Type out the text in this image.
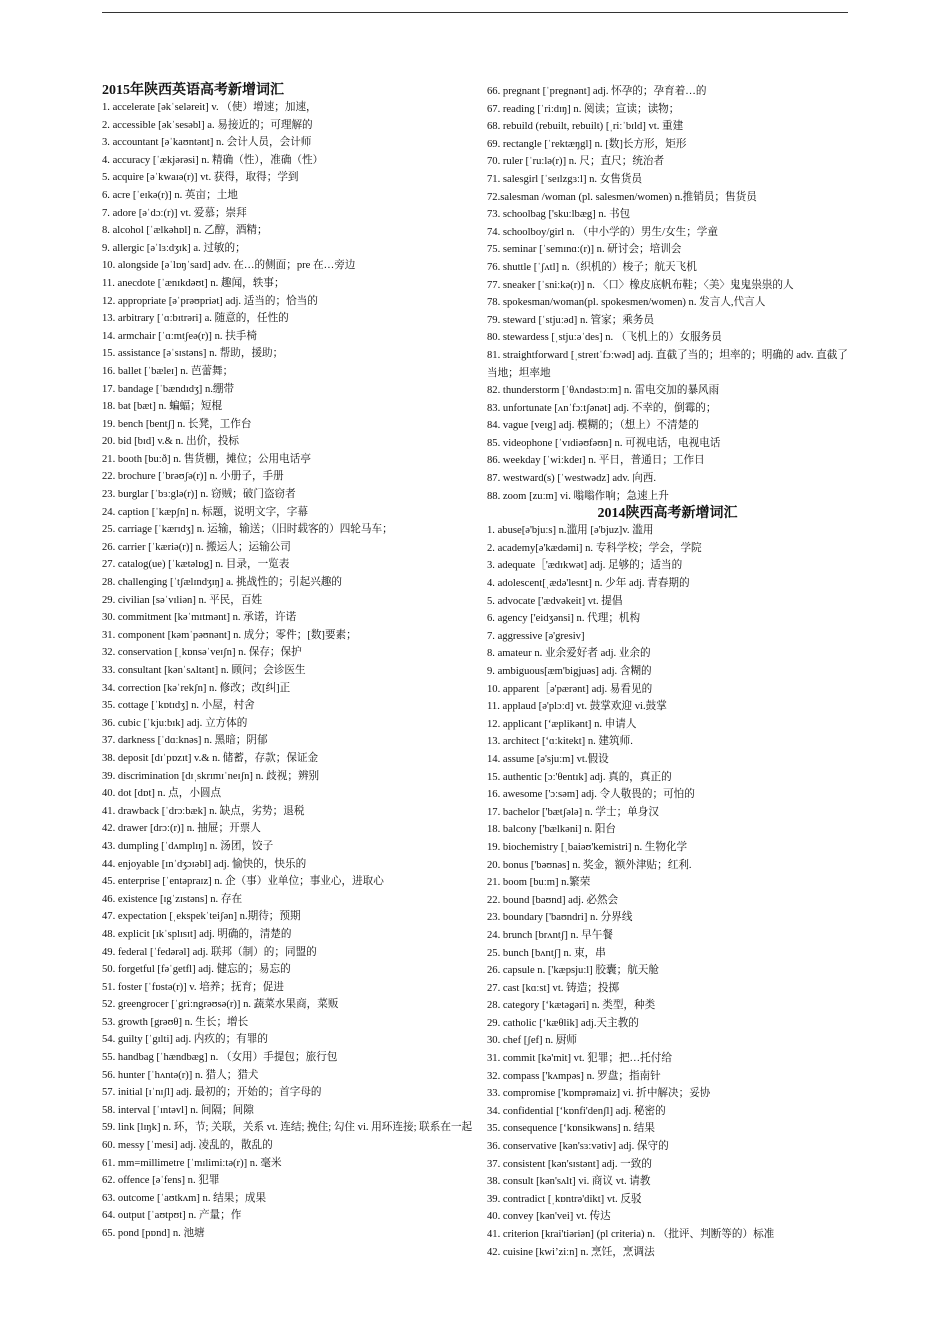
2015年陕西英语高考新增词汇
1. accelerate [əkˈseləreit] v. （使）增速；加速，
2. accessible [əkˈsesəbl] a. 易接近的；可理解的
3. accountant [əˈkaʊntənt] n. 会计人员，会计师
4. accuracy [ˈækjərəsi] n. 精确（性），准确（性）
5. acquire [əˈkwaɪə(r)] vt. 获得，取得；学到
6. acre [ˈeɪkə(r)] n. 英亩；土地
7. adore [əˈdɔː(r)] vt. 爱慕；崇拜
8. alcohol [ˈælkəhɒl] n. 乙醇，酒精；
9. allergic [əˈlɜːdʒɪk] a. 过敏的；
10. alongside [əˈlɒŋˈsaɪd] adv. 在…的侧面；pre 在…旁边
11. anecdote [ˈænɪkdəʊt] n. 趣闻，轶事；
12. appropriate [əˈprəʊpriət] adj. 适当的；恰当的
13. arbitrary [ˈɑːbɪtrəri] a. 随意的，任性的
14. armchair [ˈɑːmtʃeə(r)] n. 扶手椅
15. assistance [əˈsɪstəns] n. 帮助，援助；
16. ballet [ˈbæleɪ] n. 芭蕾舞；
17. bandage [ˈbændɪdʒ] n.绷带
18. bat [bæt] n. 蝙蝠；短棍
19. bench [bentʃ] n. 长凳，工作台
20. bid [bɪd] v.& n. 出价，投标
21. booth [buːð] n. 售货棚，摊位；公用电话亭
22. brochure [ˈbrəʊʃə(r)] n. 小册子，手册
23. burglar [ˈbɜːglə(r)] n. 窃贼；破门盗窃者
24. caption [ˈkæpʃn] n. 标题，说明文字，字幕
25. carriage [ˈkærɪdʒ] n. 运输，输送；（旧时载客的）四轮马车；
26. carrier [ˈkæriə(r)] n. 搬运人；运输公司
27. catalog(ue) [ˈkætəlɒg] n. 目录，一览表
28. challenging [ˈtʃælɪndʒɪŋ] a. 挑战性的；引起兴趣的
29. civilian [səˈvɪliən] n. 平民，百姓
30. commitment [kəˈmɪtmənt] n. 承诺，许诺
31. component [kəmˈpəʊnənt] n. 成分；零件；[数]要素；
32. conservation [ˌkɒnsəˈveɪʃn] n. 保存；保护
33. consultant [kənˈsʌltənt] n. 顾问；会诊医生
34. correction [kəˈrekʃn] n. 修改；改[纠]正
35. cottage [ˈkɒtɪdʒ] n. 小屋，村舍
36. cubic [ˈkjuːbɪk] adj. 立方体的
37. darkness [ˈdɑːknəs] n. 黑暗；阴郁
38. deposit [dɪˈpɒzɪt] v.& n. 储蓄，存款；保证金
39. discrimination [dɪˌskrɪmɪˈneɪʃn] n. 歧视；辨别
40. dot [dɒt] n. 点，小圆点
41. drawback [ˈdrɔːbæk] n. 缺点，劣势；退税
42. drawer [drɔː(r)] n. 抽屉；开票人
43. dumpling [ˈdʌmplɪŋ] n. 汤团，饺子
44. enjoyable [ɪnˈdʒɔɪəbl] adj. 愉快的，快乐的
45. enterprise [ˈentəpraɪz] n. 企（事）业单位；事业心，进取心
46. existence [ɪgˈzɪstəns] n. 存在
47. expectation [ˌekspekˈteiʃən] n.期待；预期
48. explicit [ɪkˈsplɪsɪt] adj. 明确的，清楚的
49. federal [ˈfedərəl] adj. 联邦（制）的；同盟的
50. forgetful [fəˈgetfl] adj. 健忘的；易忘的
51. foster [ˈfɒstə(r)] v. 培养；抚育；促进
52. greengrocer [ˈgriːngrəʊsə(r)] n. 蔬菜水果商，菜贩
53. growth [grəʊθ] n. 生长；增长
54. guilty [ˈgɪlti] adj. 内疚的；有罪的
55. handbag [ˈhændbæg] n. （女用）手提包；旅行包
56. hunter [ˈhʌntə(r)] n. 猎人；猎犬
57. initial [ɪˈnɪʃl] adj. 最初的；开始的；首字母的
58. interval [ˈɪntəvl] n. 间隔；间隙
59. link [lɪŋk] n. 环，节; 关联，关系 vt. 连结; 挽住; 勾住 vi. 用环连接; 联系在一起
60. messy [ˈmesi] adj. 凌乱的，散乱的
61. mm=millimetre [ˈmɪlimiːtə(r)] n. 毫米
62. offence [əˈfens] n. 犯罪
63. outcome [ˈaʊtkʌm] n. 结果；成果
64. output [ˈaʊtpʊt] n. 产量；作
65. pond [pɒnd] n. 池塘
66. pregnant [ˈpregnənt] adj. 怀孕的；孕育着…的
67. reading [ˈriːdɪŋ] n. 阅读；宣读；读物；
68. rebuild (rebuilt, rebuilt) [ˌriːˈbɪld] vt. 重建
69. rectangle [ˈrektæŋgl] n. [数]长方形，矩形
70. ruler [ˈruːlə(r)] n. 尺；直尺；统治者
71. salesgirl [ˈseɪlzgɜːl] n. 女售货员
72.salesman /woman (pl. salesmen/women) n.推销员；售货员
73. schoolbag ['skuːlbæg] n. 书包
74. schoolboy/girl n. （中小学的）男生/女生；学童
75. seminar [ˈsemɪnɑː(r)] n. 研讨会；培训会
76. shuttle [ˈʃʌtl] n.（织机的）梭子；航天飞机
77. sneaker [ˈsniːkə(r)] n. 〈口〉橡皮底帆布鞋；〈美〉鬼鬼祟祟的人
78. spokesman/woman(pl. spokesmen/women) n. 发言人,代言人
79. steward [ˈstjuːəd] n. 管家；乘务员
80. stewardess [ˌstjuːəˈdes] n. （飞机上的）女服务员
81. straightforward [ˌstreɪtˈfɔːwəd] adj. 直截了当的；坦率的；明确的 adv. 直截了当地；坦率地
82. thunderstorm [ˈθʌndəstɔːm] n. 雷电交加的暴风雨
83. unfortunate [ʌnˈfɔːtʃənət] adj. 不幸的，倒霉的；
84. vague [veɪg] adj. 模糊的；（想上）不清楚的
85. videophone [ˈvɪdiəʊfəʊn] n. 可视电话，电视电话
86. weekday [ˈwiːkdeɪ] n. 平日，普通日；工作日
87. westward(s) [ˈwestwədz] adv. 向西.
88. zoom [zuːm] vi. 嗡嗡作响；急速上升
2014陕西高考新增词汇
1. abuse[ə'bjuːs] n.滥用 [ə'bjuz]v. 滥用
2. academy[ə'kædəmi] n. 专科学校；学会，学院
3. adequate［'ædɪkwət] adj. 足够的；适当的
4. adolescent[ˌædə'lesnt] n. 少年 adj. 青春期的
5. advocate ['ædvəkeit] vt. 提倡
6. agency ['eidʒənsi] n. 代理；机构
7. aggressive [ə'gresiv]
8. amateur n. 业余爱好者 adj. 业余的
9. ambiguous[æm'bigjuəs] adj. 含糊的
10. apparent［ə'pærənt] adj. 易看见的
11. applaud [ə'plɔːd] vt. 鼓掌欢迎 vi.鼓掌
12. applicant [‘æplikənt] n. 申请人
13. architect [‘ɑːkitekt] n. 建筑师.
14. assume [ə'sjuːm] vt.假设
15. authentic [ɔː'θentɪk] adj. 真的，真正的
16. awesome ['ɔːsəm] adj. 令人敬畏的；可怕的
17. bachelor ['bætʃələ] n. 学士；单身汉
18. balcony ['bælkəni] n. 阳台
19. biochemistry [ˌbaiəʊ'kemistri] n. 生物化学
20. bonus ['bəʊnəs] n. 奖金，额外津贴；红利.
21. boom [buːm] n.繁荣
22. bound [baʊnd] adj. 必然会
23. boundary ['baʊndri] n. 分界线
24. brunch [brʌntʃ] n. 早午餐
25. bunch [bʌntʃ] n. 束，串
26. capsule n. ['kæpsjuːl] 胶囊；航天舱
27. cast [kɑːst] vt. 铸造；投掷
28. category [‘kætəgəri] n. 类型，种类
29. catholic [‘kæθlik] adj.天主教的
30. chef [ʃef] n. 厨师
31. commit [kə'mit] vt. 犯罪；把…托付给
32. compass ['kʌmpəs] n. 罗盘；指南针
33. compromise ['kɒmprəmaiz] vi. 折中解决；妥协
34. confidential [‘kɒnfi'denʃl] adj. 秘密的
35. consequence [‘kɒnsikwəns] n. 结果
36. conservative [kən'sɜːvətiv] adj. 保守的
37. consistent [kən'sɪstənt] adj. 一致的
38. consult [kən'sʌlt] vi. 商议 vt. 请教
39. contradict [ˌkɒntrə'dikt] vt. 反驳
40. convey [kən'vei] vt. 传达
41. criterion [krai'tiəriən] (pl criteria) n. （批评、判断等的）标准
42. cuisine [kwi’ziːn] n. 烹饪，烹调法
